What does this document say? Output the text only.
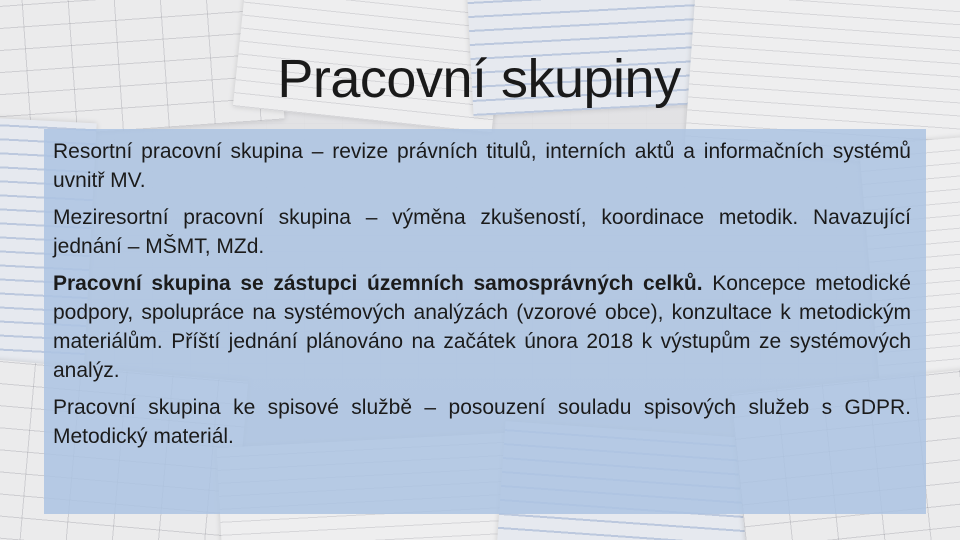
Pracovní skupiny

Resortní pracovní skupina – revize právních titulů, interních aktů a informačních systémů uvnitř MV.

Meziresortní pracovní skupina – výměna zkušeností, koordinace metodik. Navazující jednání – MŠMT, MZd.

Pracovní skupina se zástupci územních samosprávných celků. Koncepce metodické podpory, spolupráce na systémových analýzách (vzorové obce), konzultace k metodickým materiálům. Příští jednání plánováno na začátek února 2018 k výstupům ze systémových analýz.

Pracovní skupina ke spisové službě – posouzení souladu spisových služeb s GDPR. Metodický materiál.
